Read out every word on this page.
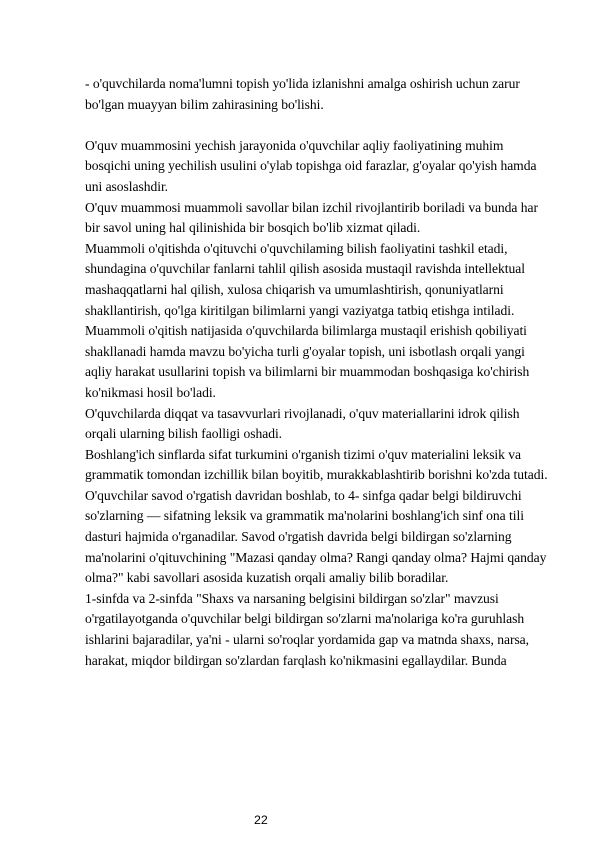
- o'quvchilarda noma'lumni topish yo'lida izlanishni amalga oshirish uchun zarur
bo'lgan muayyan bilim zahirasining bo'lishi.
O'quv muammosini yechish jarayonida o'quvchilar aqliy faoliyatining muhim
bosqichi uning yechilish usulini o'ylab topishga oid farazlar, g'oyalar qo'yish hamda
uni asoslashdir.
O'quv muammosi muammoli savollar bilan izchil rivojlantirib boriladi va bunda har
bir savol uning hal qilinishida bir bosqich bo'lib xizmat qiladi.
Muammoli o'qitishda o'qituvchi o'quvchilaming bilish faoliyatini tashkil etadi,
shundagina o'quvchilar fanlarni tahlil qilish asosida mustaqil ravishda intellektual
mashaqqatlarni hal qilish, xulosa chiqarish va umumlashtirish, qonuniyatlarni
shakllantirish, qo'lga kiritilgan bilimlarni yangi vaziyatga tatbiq etishga intiladi.
Muammoli o'qitish natijasida o'quvchilarda bilimlarga mustaqil erishish qobiliyati
shakllanadi hamda mavzu bo'yicha turli g'oyalar topish, uni isbotlash orqali yangi
aqliy harakat usullarini topish va bilimlarni bir muammodan boshqasiga ko'chirish
ko'nikmasi hosil bo'ladi.
O'quvchilarda diqqat va tasavvurlari rivojlanadi, o'quv materiallarini idrok qilish
orqali ularning bilish faolligi oshadi.
Boshlang'ich sinflarda sifat turkumini o'rganish tizimi o'quv materialini leksik va
grammatik tomondan izchillik bilan boyitib, murakkablashtirib borishni ko'zda tutadi.
O'quvchilar savod o'rgatish davridan boshlab, to 4- sinfga qadar belgi bildiruvchi
so'zlarning — sifatning leksik va grammatik ma'nolarini boshlang'ich sinf ona tili
dasturi hajmida o'rganadilar. Savod o'rgatish davrida belgi bildirgan so'zlarning
ma'nolarini o'qituvchining "Mazasi qanday olma? Rangi qanday olma? Hajmi qanday
olma?" kabi savollari asosida kuzatish orqali amaliy bilib boradilar.
1-sinfda va 2-sinfda "Shaxs va narsaning belgisini bildirgan so'zlar" mavzusi
o'rgatilayotganda o'quvchilar belgi bildirgan so'zlarni ma'nolariga ko'ra guruhlash
ishlarini bajaradilar, ya'ni - ularni so'roqlar yordamida gap va matnda shaxs, narsa,
harakat, miqdor bildirgan so'zlardan farqlash ko'nikmasini egallaydilar. Bunda
22
